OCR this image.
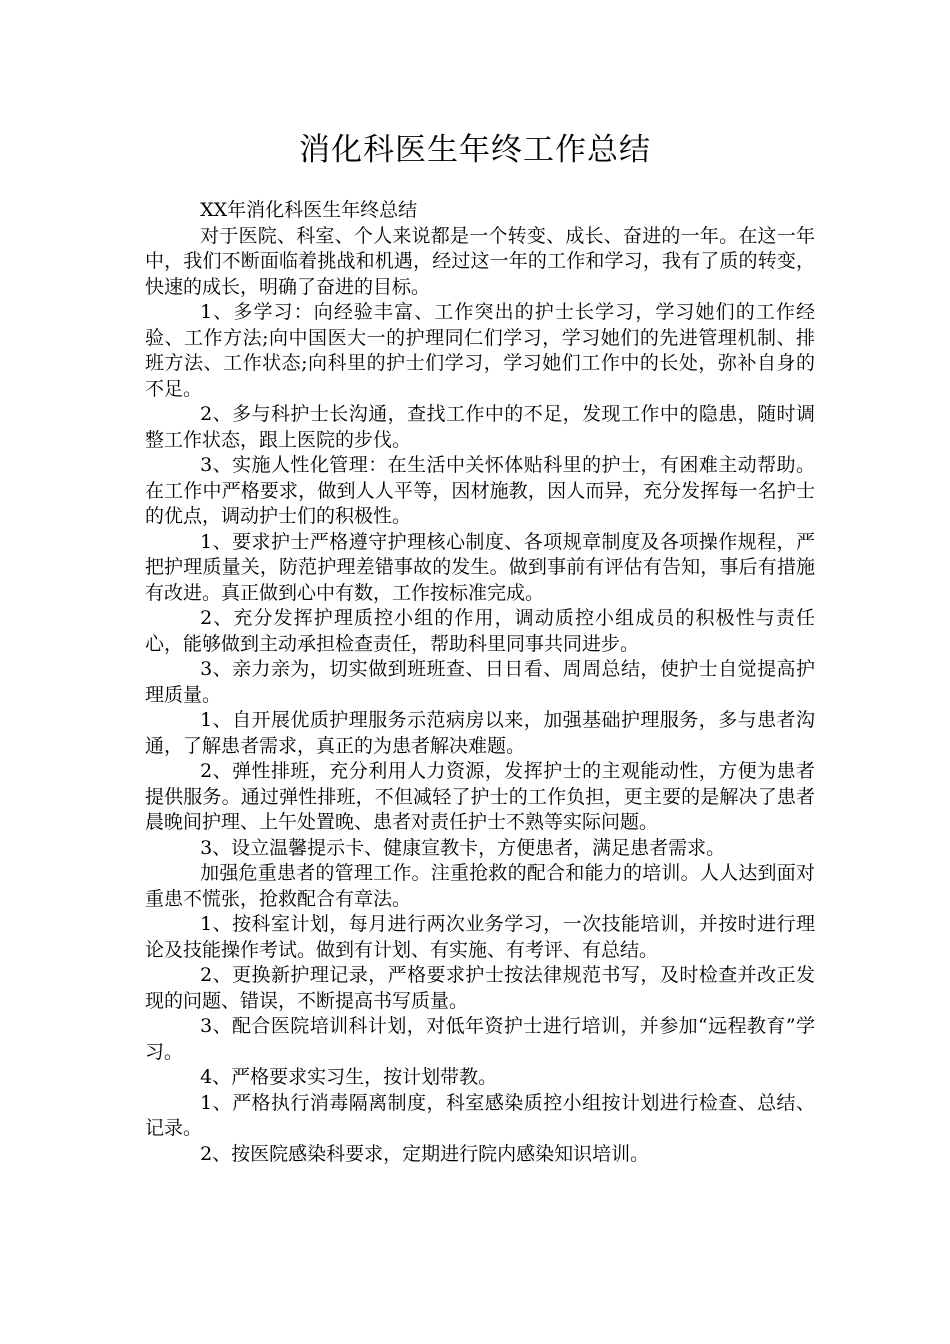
消化科医生年终工作总结

XX年消化科医生年终总结

对于医院、科室、个人来说都是一个转变、成长、奋进的一年。在这一年中，我们不断面临着挑战和机遇，经过这一年的工作和学习，我有了质的转变，快速的成长，明确了奋进的目标。

1、多学习：向经验丰富、工作突出的护士长学习，学习她们的工作经验、工作方法;向中国医大一的护理同仁们学习，学习她们的先进管理机制、排班方法、工作状态;向科里的护士们学习，学习她们工作中的长处，弥补自身的不足。

2、多与科护士长沟通，查找工作中的不足，发现工作中的隐患，随时调整工作状态，跟上医院的步伐。

3、实施人性化管理：在生活中关怀体贴科里的护士，有困难主动帮助。在工作中严格要求，做到人人平等，因材施教，因人而异，充分发挥每一名护士的优点，调动护士们的积极性。

1、要求护士严格遵守护理核心制度、各项规章制度及各项操作规程，严把护理质量关，防范护理差错事故的发生。做到事前有评估有告知，事后有措施有改进。真正做到心中有数，工作按标准完成。

2、充分发挥护理质控小组的作用，调动质控小组成员的积极性与责任心，能够做到主动承担检查责任，帮助科里同事共同进步。

3、亲力亲为，切实做到班班查、日日看、周周总结，使护士自觉提高护理质量。

1、自开展优质护理服务示范病房以来，加强基础护理服务，多与患者沟通，了解患者需求，真正的为患者解决难题。

2、弹性排班，充分利用人力资源，发挥护士的主观能动性，方便为患者提供服务。通过弹性排班，不但减轻了护士的工作负担，更主要的是解决了患者晨晚间护理、上午处置晚、患者对责任护士不熟等实际问题。

3、设立温馨提示卡、健康宣教卡，方便患者，满足患者需求。

加强危重患者的管理工作。注重抢救的配合和能力的培训。人人达到面对重患不慌张，抢救配合有章法。

1、按科室计划，每月进行两次业务学习，一次技能培训，并按时进行理论及技能操作考试。做到有计划、有实施、有考评、有总结。

2、更换新护理记录，严格要求护士按法律规范书写，及时检查并改正发现的问题、错误，不断提高书写质量。

3、配合医院培训科计划，对低年资护士进行培训，并参加“远程教育”学习。

4、严格要求实习生，按计划带教。

1、严格执行消毒隔离制度，科室感染质控小组按计划进行检查、总结、记录。

2、按医院感染科要求，定期进行院内感染知识培训。
